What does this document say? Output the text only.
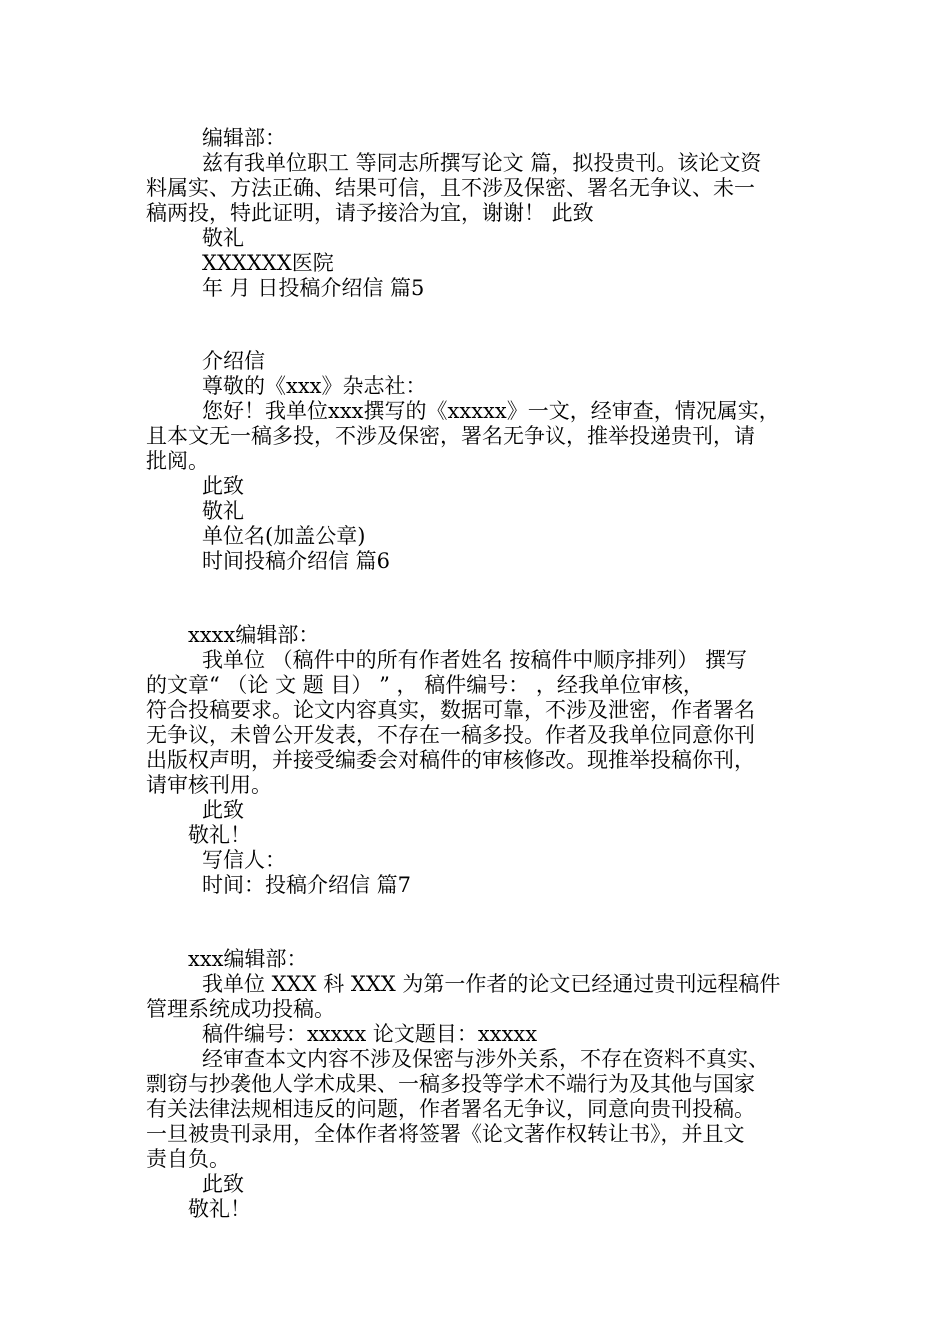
编辑部：

兹有我单位职工 等同志所撰写论文 篇，拟投贵刊。该论文资

料属实、方法正确、结果可信，且不涉及保密、署名无争议、未一

稿两投，特此证明，请予接洽为宜，谢谢！ 此致

敬礼

XXXXXX医院

年 月 日投稿介绍信 篇5

介绍信

尊敬的《xxx》杂志社：

您好！我单位xxx撰写的《xxxxx》一文，经审查，情况属实，

且本文无一稿多投，不涉及保密，署名无争议，推举投递贵刊，请

批阅。

此致

敬礼

单位名(加盖公章)

时间投稿介绍信 篇6

xxxx编辑部：

我单位 （稿件中的所有作者姓名 按稿件中顺序排列） 撰写

的文章“ （论 文 题 目） ” ， 稿件编号： ，经我单位审核，

符合投稿要求。论文内容真实，数据可靠，不涉及泄密，作者署名

无争议，未曾公开发表，不存在一稿多投。作者及我单位同意你刊

出版权声明，并接受编委会对稿件的审核修改。现推举投稿你刊，

请审核刊用。

此致

敬礼！

写信人：

时间：投稿介绍信 篇7

xxx编辑部：

我单位 XXX 科 XXX 为第一作者的论文已经通过贵刊远程稿件

管理系统成功投稿。

稿件编号：xxxxx 论文题目：xxxxx

经审查本文内容不涉及保密与涉外关系，不存在资料不真实、

剽窃与抄袭他人学术成果、一稿多投等学术不端行为及其他与国家

有关法律法规相违反的问题，作者署名无争议，同意向贵刊投稿。

一旦被贵刊录用，全体作者将签署《论文著作权转让书》，并且文

责自负。

此致

敬礼！
